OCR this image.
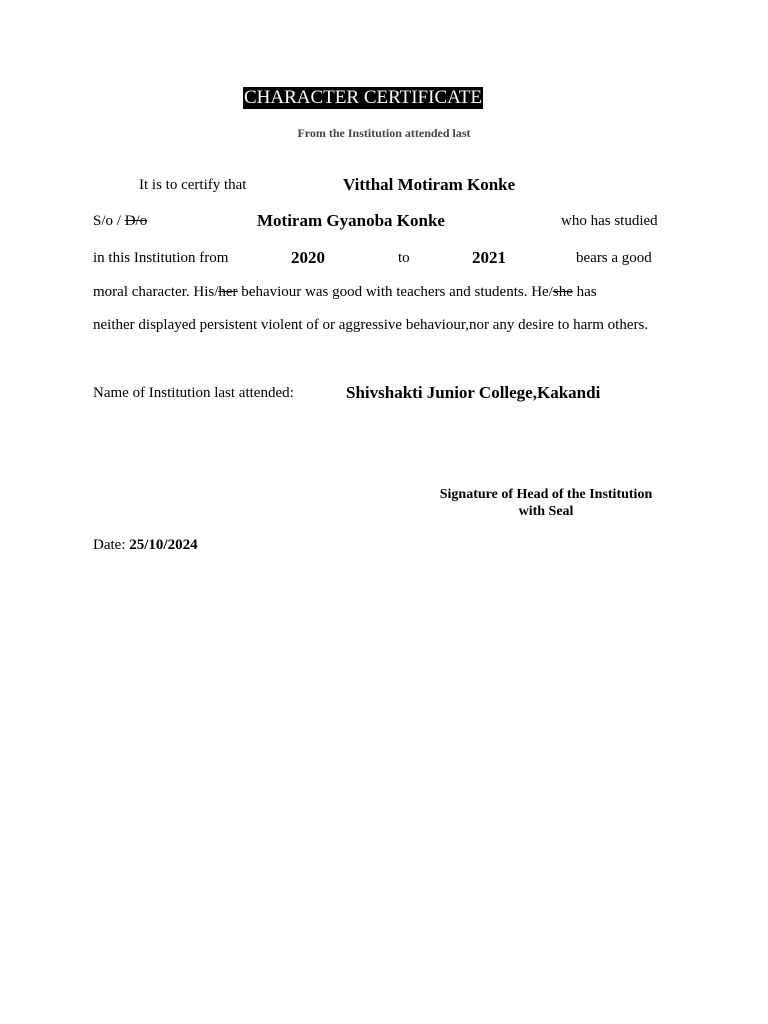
CHARACTER CERTIFICATE
From the Institution attended last
It is to certify that	Vitthal Motiram Konke
S/o / D/o	Motiram Gyanoba Konke	who has studied
in this Institution from	2020	to	2021	bears a good
moral character. His/her behaviour was good with teachers and students. He/she has
neither displayed persistent violent of or aggressive behaviour,nor any desire to harm others.
Name of Institution last attended:	Shivshakti Junior College,Kakandi
Signature of Head of the Institution
with Seal
Date: 25/10/2024
